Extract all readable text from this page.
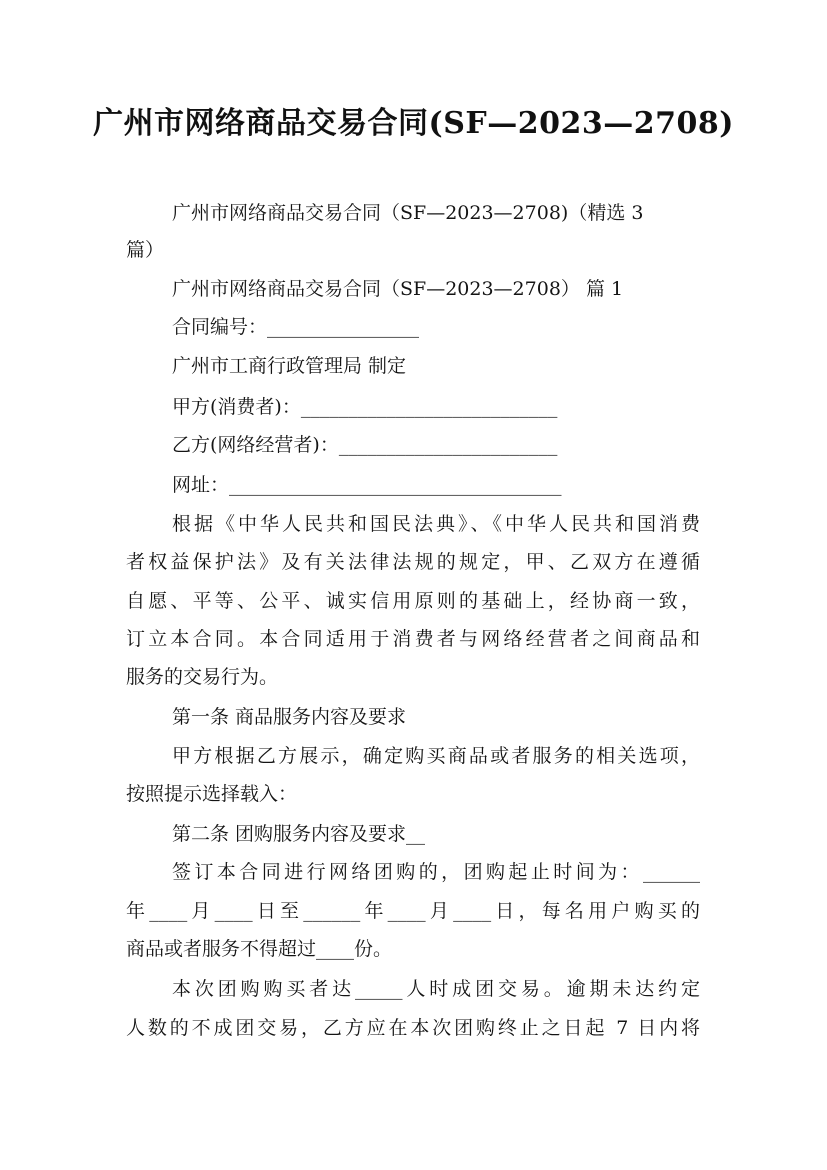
广州市网络商品交易合同(SF—2023—2708)

广州市网络商品交易合同（SF—2023—2708)（精选 3

篇）

广州市网络商品交易合同（SF—2023—2708） 篇 1

合同编号：________________

广州市工商行政管理局 制定

甲方(消费者)：___________________________

乙方(网络经营者)：_______________________

网址：___________________________________

根据《中华人民共和国民法典》、《中华人民共和国消费

者权益保护法》及有关法律法规的规定，甲、乙双方在遵循

自愿、平等、公平、诚实信用原则的基础上，经协商一致，

订立本合同。本合同适用于消费者与网络经营者之间商品和

服务的交易行为。

第一条 商品服务内容及要求

甲方根据乙方展示，确定购买商品或者服务的相关选项，

按照提示选择载入：

第二条 团购服务内容及要求__

签订本合同进行网络团购的，团购起止时间为：______

年____月____日至______年____月____日，每名用户购买的

商品或者服务不得超过____份。

本次团购购买者达_____人时成团交易。逾期未达约定

人数的不成团交易，乙方应在本次团购终止之日起 7 日内将
